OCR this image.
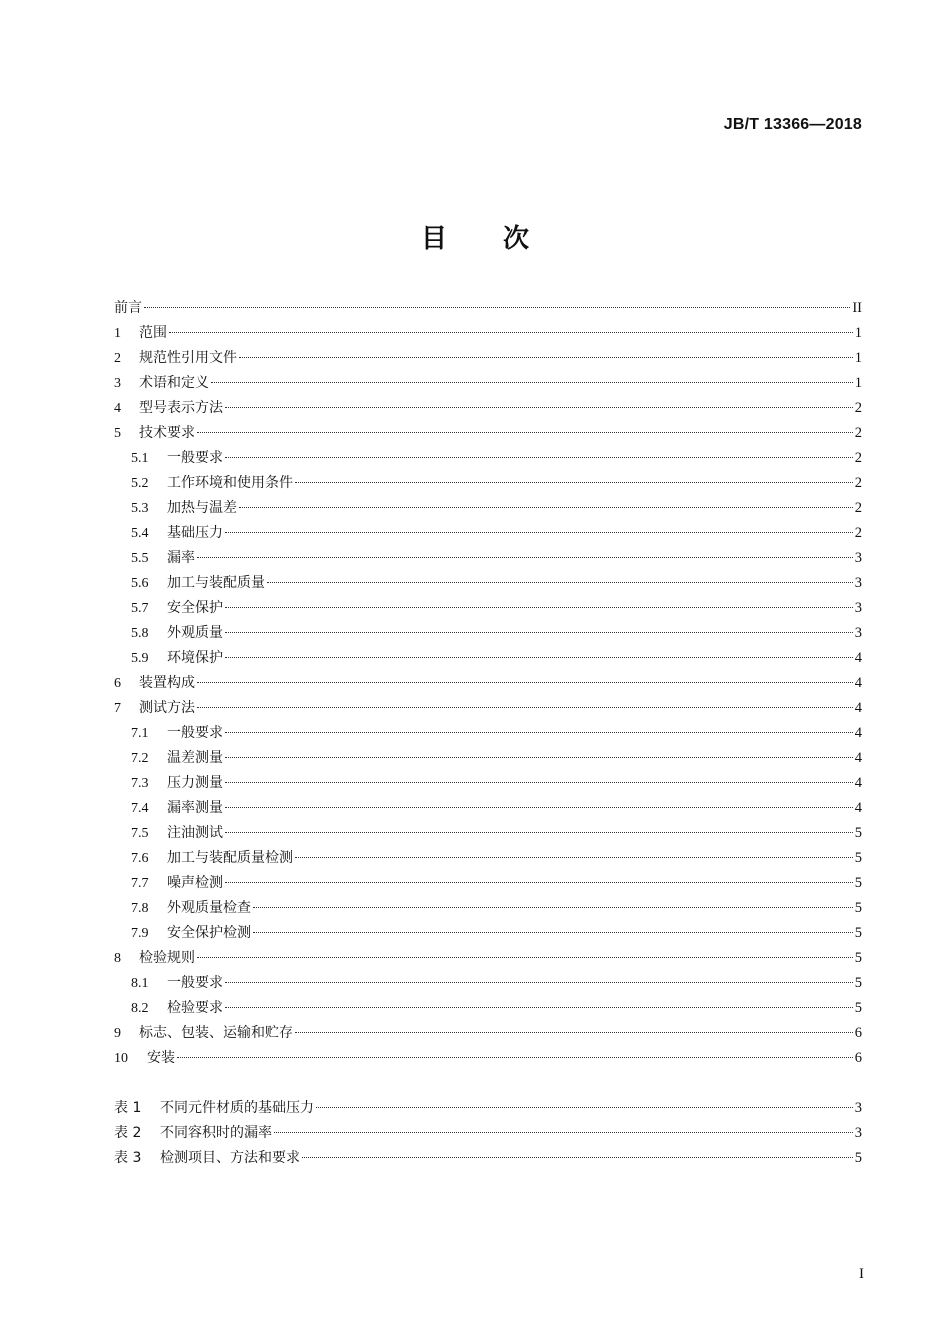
JB/T 13366—2018
目 次
前言	II
1	范围	1
2	规范性引用文件	1
3	术语和定义	1
4	型号表示方法	2
5	技术要求	2
5.1	一般要求	2
5.2	工作环境和使用条件	2
5.3	加热与温差	2
5.4	基础压力	2
5.5	漏率	3
5.6	加工与装配质量	3
5.7	安全保护	3
5.8	外观质量	3
5.9	环境保护	4
6	装置构成	4
7	测试方法	4
7.1	一般要求	4
7.2	温差测量	4
7.3	压力测量	4
7.4	漏率测量	4
7.5	注油测试	5
7.6	加工与装配质量检测	5
7.7	噪声检测	5
7.8	外观质量检查	5
7.9	安全保护检测	5
8	检验规则	5
8.1	一般要求	5
8.2	检验要求	5
9	标志、包装、运输和贮存	6
10	安装	6
表 1	不同元件材质的基础压力	3
表 2	不同容积时的漏率	3
表 3	检测项目、方法和要求	5
I
